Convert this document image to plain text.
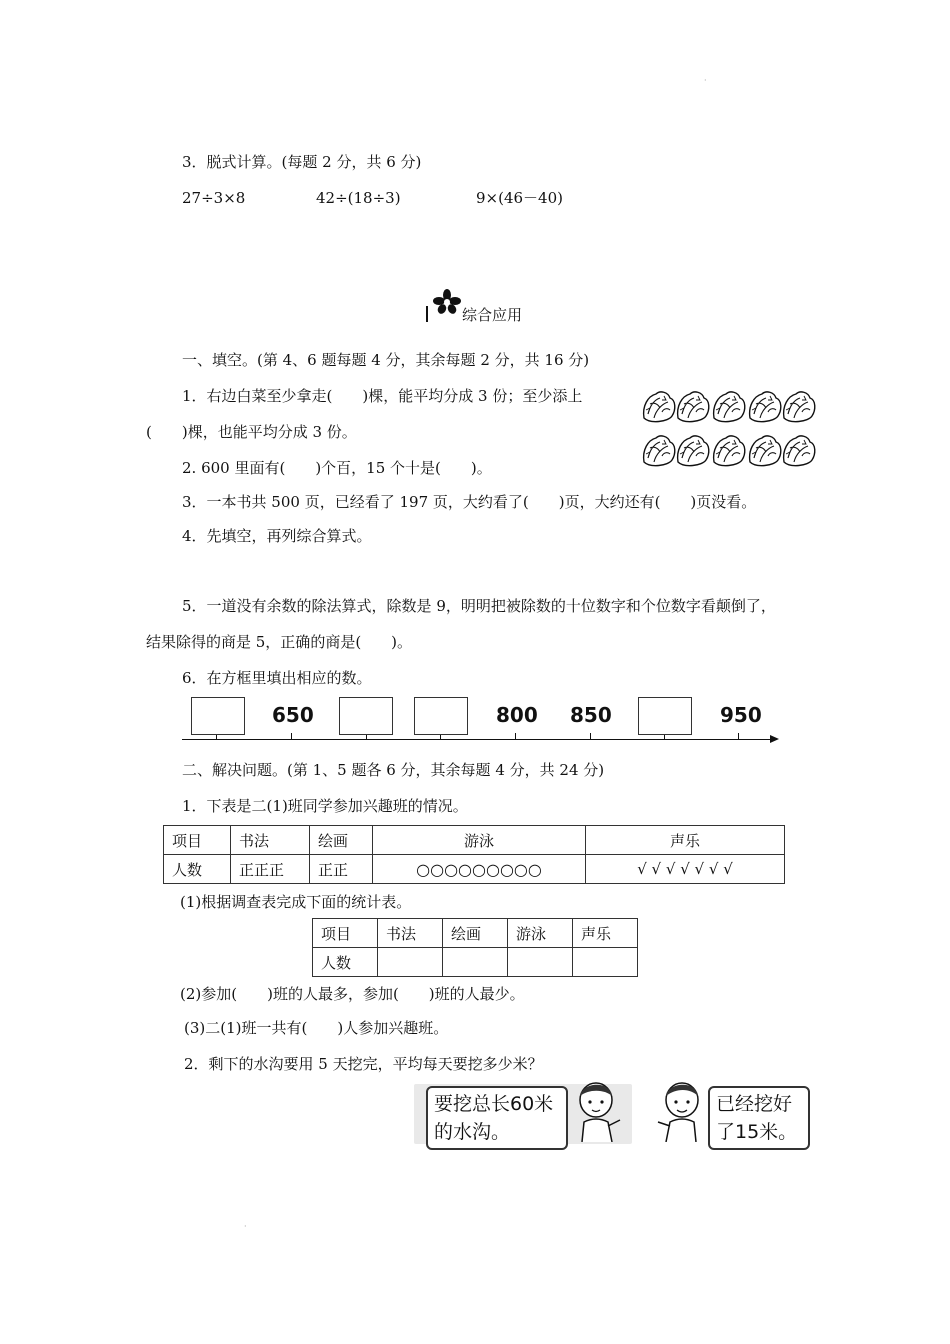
·
·
3．脱式计算。(每题 2 分，共 6 分)
27÷3×8	42÷(18÷3)	9×(46－40)
综合应用
一、填空。(第 4、6 题每题 4 分，其余每题 2 分，共 16 分)
1．右边白菜至少拿走(　　)棵，能平均分成 3 份；至少添上
(　　)棵，也能平均分成 3 份。
2. 600 里面有(　　)个百，15 个十是(　　)。
3．一本书共 500 页，已经看了 197 页，大约看了(　　)页，大约还有(　　)页没看。
4．先填空，再列综合算式。
5．一道没有余数的除法算式，除数是 9，明明把被除数的十位数字和个位数字看颠倒了，
结果除得的商是 5，正确的商是(　　)。
6．在方框里填出相应的数。
650	800 850	950
二、解决问题。(第 1、5 题各 6 分，其余每题 4 分，共 24 分)
1．下表是二(1)班同学参加兴趣班的情况。
项目	书法	绘画	游泳	声乐
人数	正正正	正正	○○○○○○○○○	√ √ √ √ √ √ √
(1)根据调查表完成下面的统计表。
项目	书法	绘画	游泳	声乐
人数				
(2)参加(　　)班的人最多，参加(　　)班的人最少。
(3)二(1)班一共有(　　)人参加兴趣班。
2．剩下的水沟要用 5 天挖完，平均每天要挖多少米？
要挖总长60米
的水沟。
已经挖好
了15米。
